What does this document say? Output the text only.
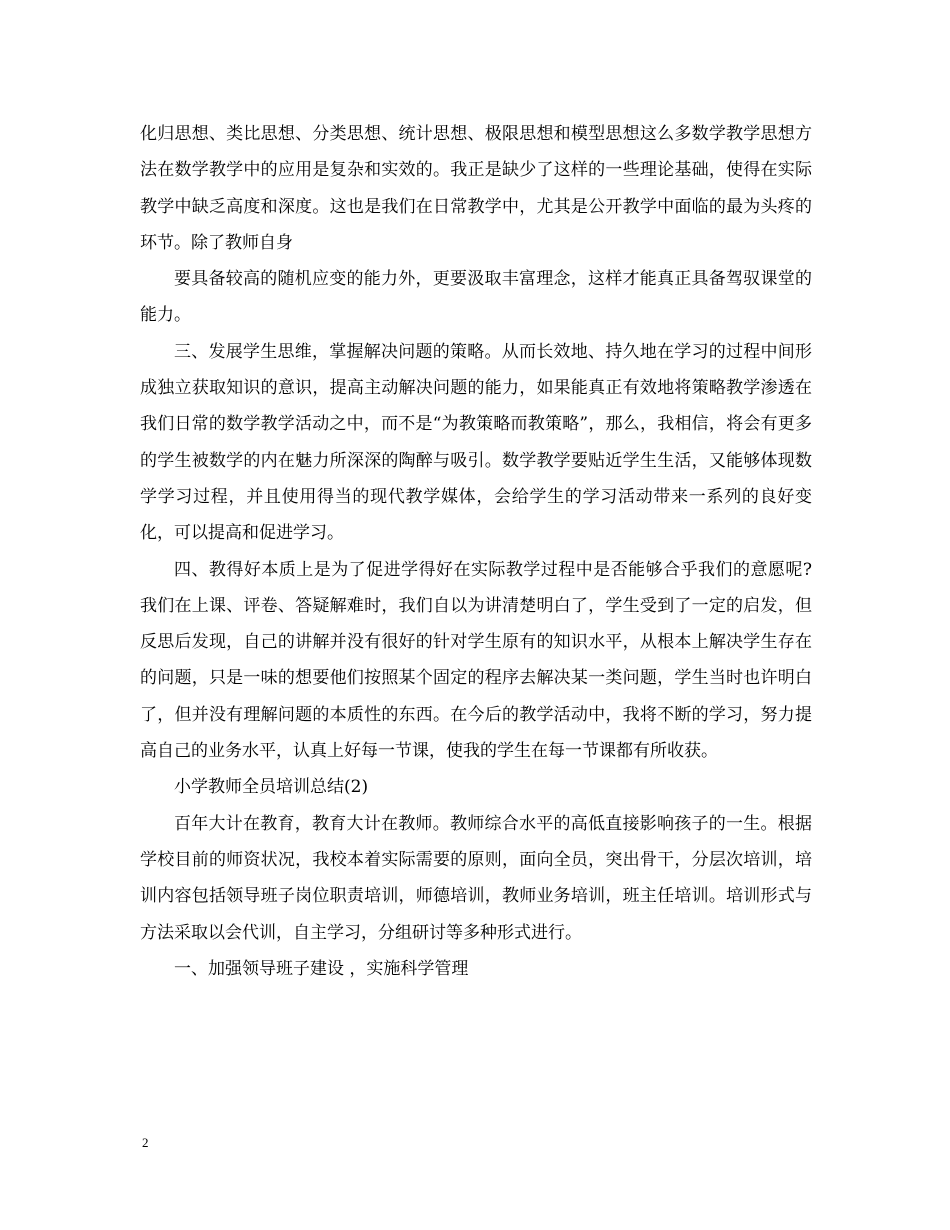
化归思想、类比思想、分类思想、统计思想、极限思想和模型思想这么多数学教学思想方法在数学教学中的应用是复杂和实效的。我正是缺少了这样的一些理论基础，使得在实际教学中缺乏高度和深度。这也是我们在日常教学中，尤其是公开教学中面临的最为头疼的环节。除了教师自身

要具备较高的随机应变的能力外，更要汲取丰富理念，这样才能真正具备驾驭课堂的能力。

三、发展学生思维，掌握解决问题的策略。从而长效地、持久地在学习的过程中间形成独立获取知识的意识，提高主动解决问题的能力，如果能真正有效地将策略教学渗透在我们日常的数学教学活动之中，而不是“为教策略而教策略”，那么，我相信，将会有更多的学生被数学的内在魅力所深深的陶醉与吸引。数学教学要贴近学生生活，又能够体现数学学习过程，并且使用得当的现代教学媒体，会给学生的学习活动带来一系列的良好变化，可以提高和促进学习。

四、教得好本质上是为了促进学得好在实际教学过程中是否能够合乎我们的意愿呢?我们在上课、评卷、答疑解难时，我们自以为讲清楚明白了，学生受到了一定的启发，但反思后发现，自己的讲解并没有很好的针对学生原有的知识水平，从根本上解决学生存在的问题，只是一味的想要他们按照某个固定的程序去解决某一类问题，学生当时也许明白了，但并没有理解问题的本质性的东西。在今后的教学活动中，我将不断的学习，努力提高自己的业务水平，认真上好每一节课，使我的学生在每一节课都有所收获。

小学教师全员培训总结(2)

百年大计在教育，教育大计在教师。教师综合水平的高低直接影响孩子的一生。根据学校目前的师资状况，我校本着实际需要的原则，面向全员，突出骨干，分层次培训，培训内容包括领导班子岗位职责培训，师德培训，教师业务培训，班主任培训。培训形式与方法采取以会代训，自主学习，分组研讨等多种形式进行。

一、加强领导班子建设 ，实施科学管理

2
